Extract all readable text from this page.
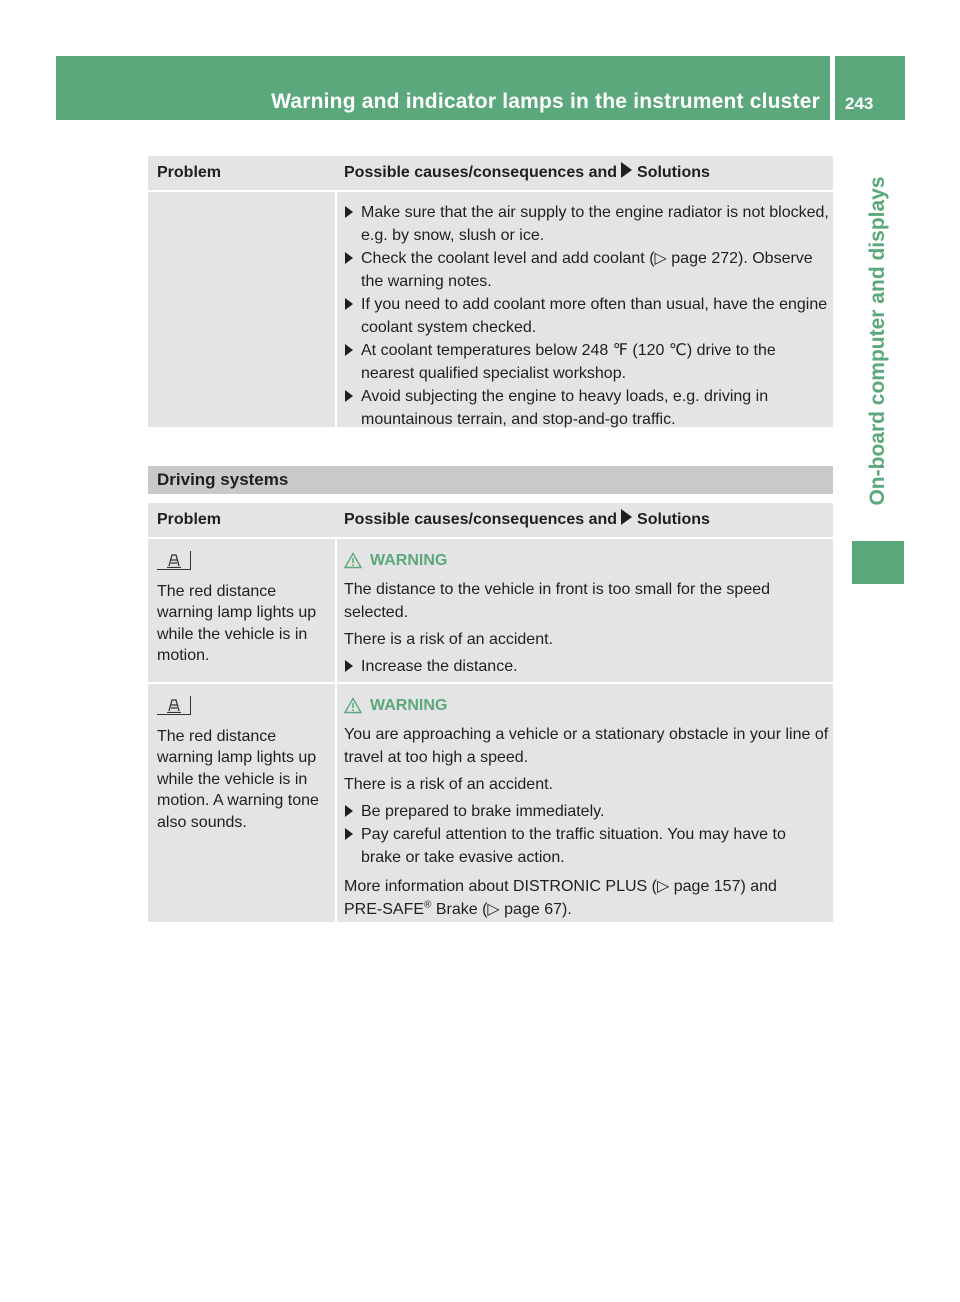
Warning and indicator lamps in the instrument cluster 243
On-board computer and displays
Problem	Possible causes/consequences and Solutions
Make sure that the air supply to the engine radiator is not blocked, e.g. by snow, slush or ice.
Check the coolant level and add coolant (▷ page 272). Observe the warning notes.
If you need to add coolant more often than usual, have the engine coolant system checked.
At coolant temperatures below 248 ℉ (120 ℃) drive to the nearest qualified specialist workshop.
Avoid subjecting the engine to heavy loads, e.g. driving in mountainous terrain, and stop-and-go traffic.
Driving systems
Problem	Possible causes/consequences and Solutions
The red distance warning lamp lights up while the vehicle is in motion.
WARNING

The distance to the vehicle in front is too small for the speed selected.

There is a risk of an accident.

Increase the distance.
The red distance warning lamp lights up while the vehicle is in motion. A warning tone also sounds.
WARNING

You are approaching a vehicle or a stationary obstacle in your line of travel at too high a speed.

There is a risk of an accident.

Be prepared to brake immediately.
Pay careful attention to the traffic situation. You may have to brake or take evasive action.

More information about DISTRONIC PLUS (▷ page 157) and
PRE-SAFE® Brake (▷ page 67).
